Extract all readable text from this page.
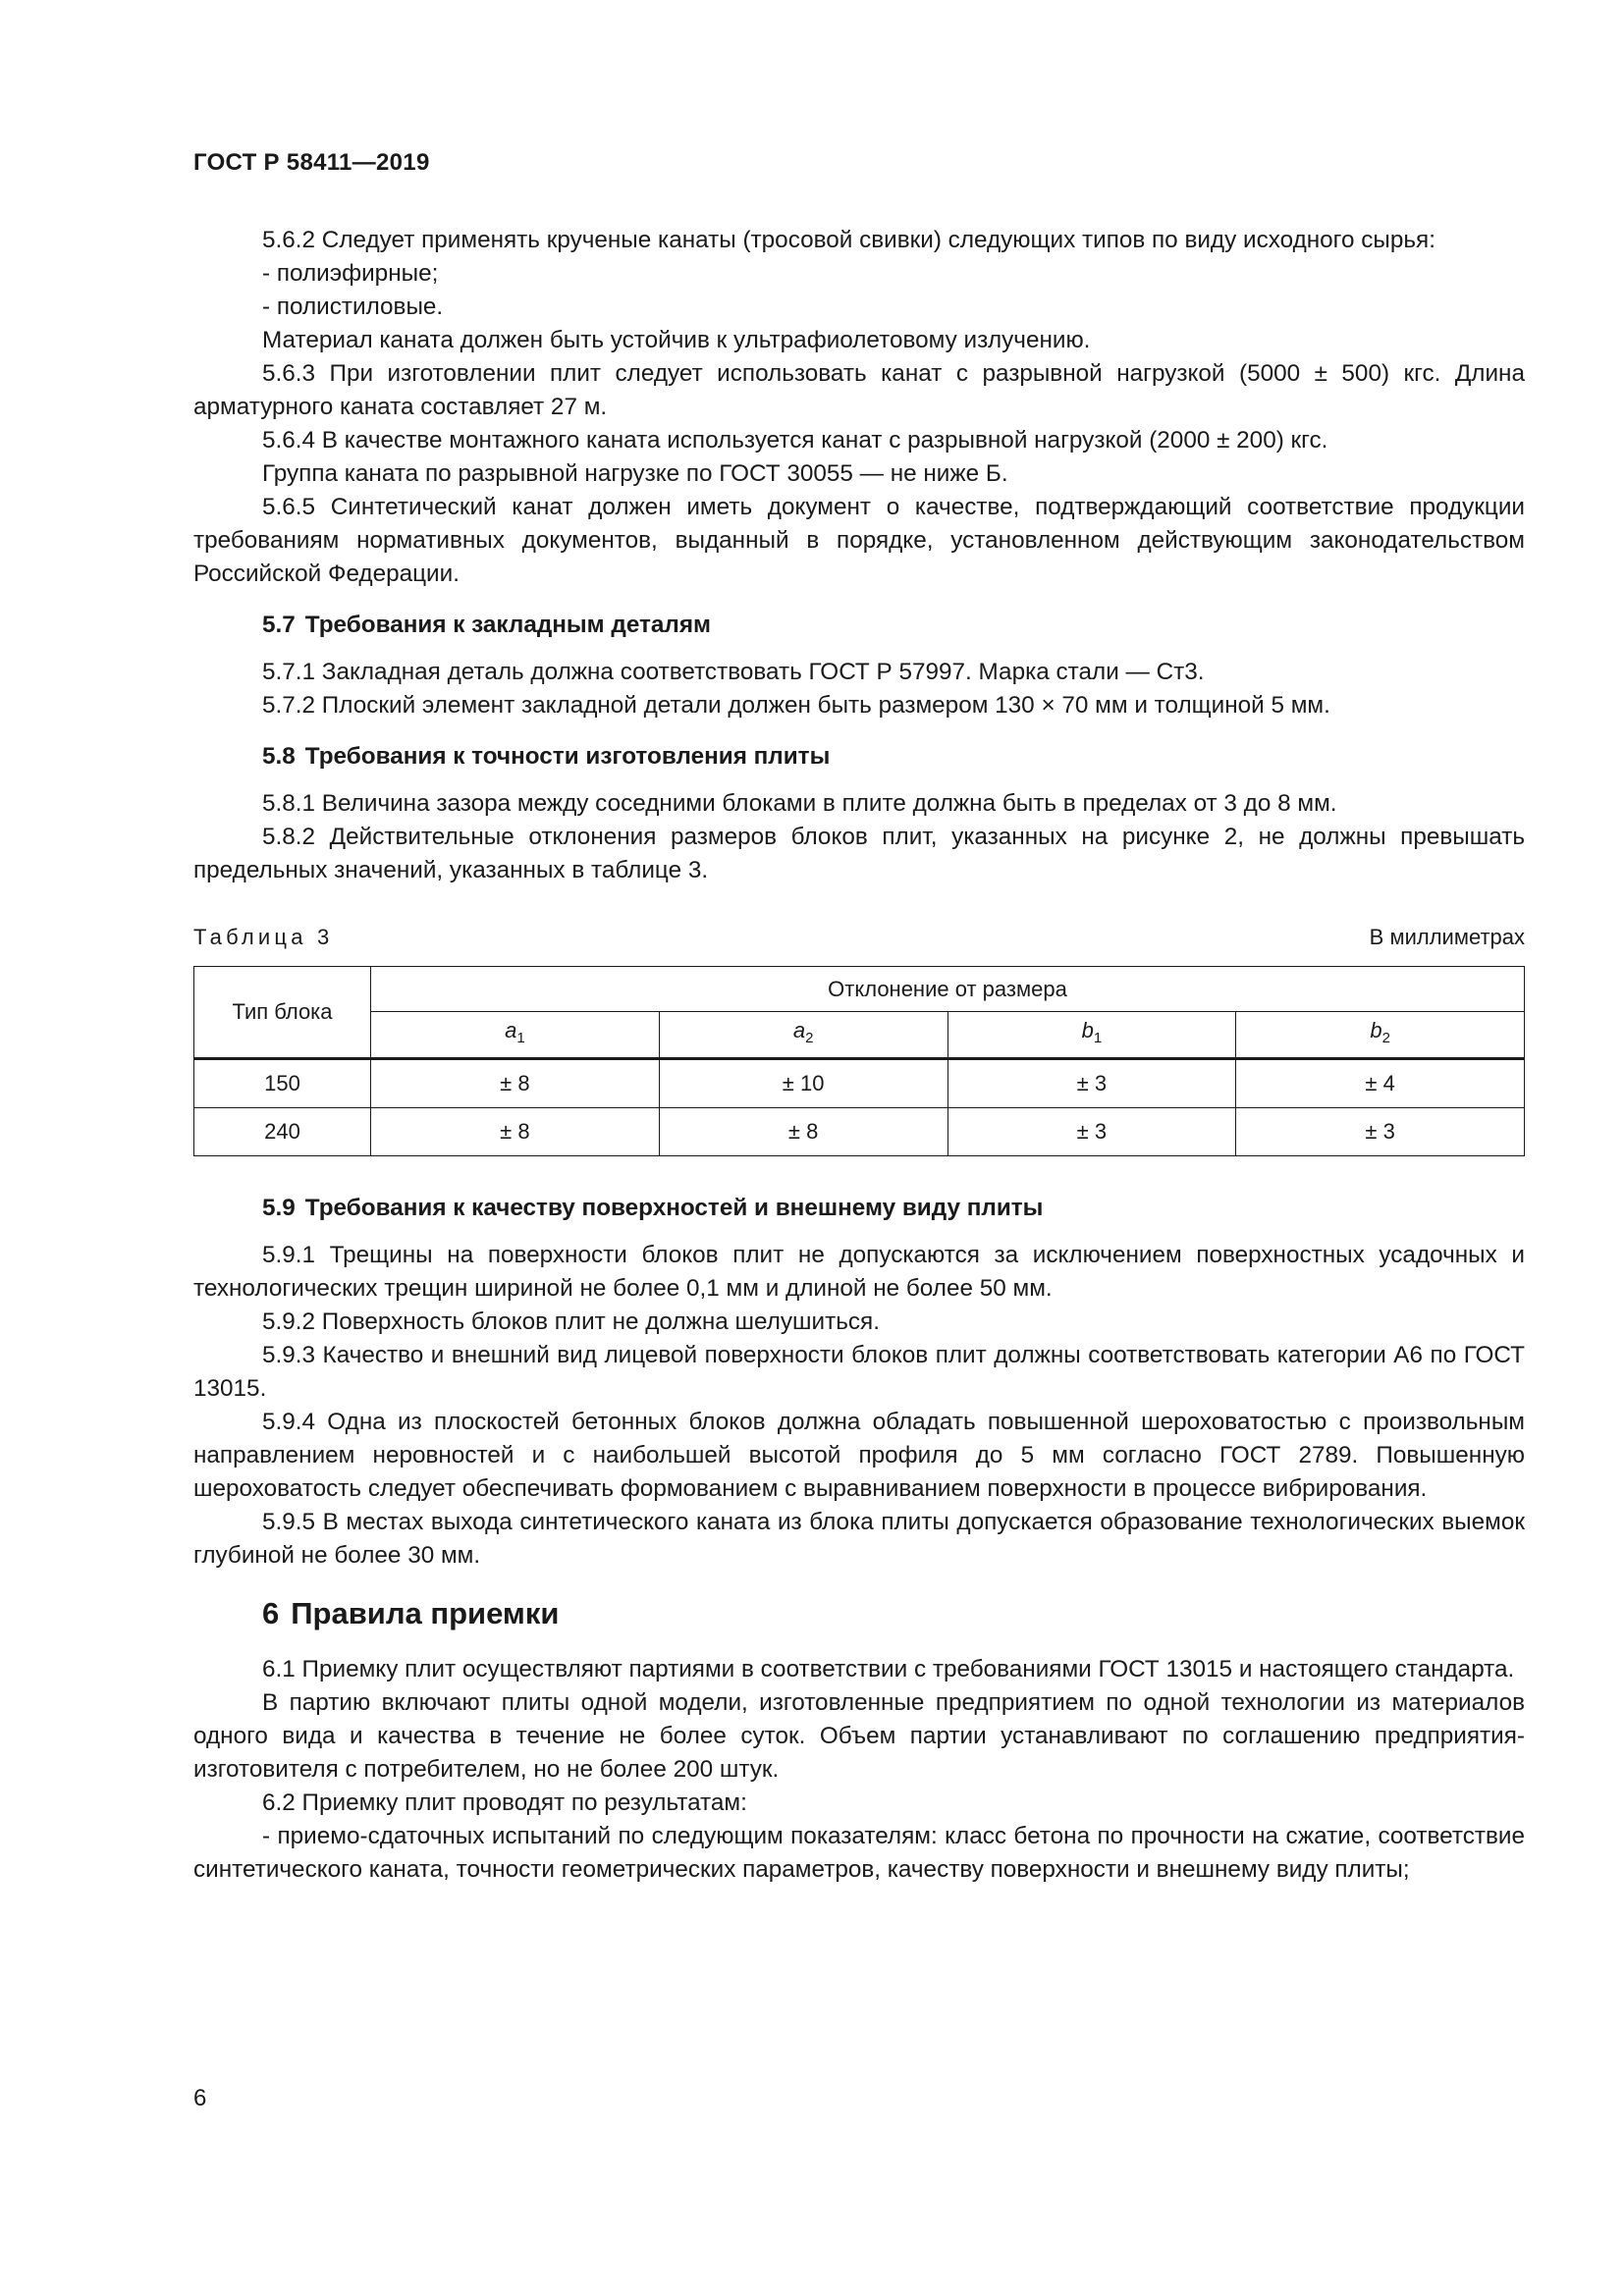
ГОСТ Р 58411—2019

5.6.2 Следует применять крученые канаты (тросовой свивки) следующих типов по виду исходного сырья:

- полиэфирные;

- полистиловые.

Материал каната должен быть устойчив к ультрафиолетовому излучению.

5.6.3 При изготовлении плит следует использовать канат с разрывной нагрузкой (5000 ± 500) кгс. Длина арматурного каната составляет 27 м.

5.6.4 В качестве монтажного каната используется канат с разрывной нагрузкой (2000 ± 200) кгс.

Группа каната по разрывной нагрузке по ГОСТ 30055 — не ниже Б.

5.6.5 Синтетический канат должен иметь документ о качестве, подтверждающий соответствие продукции требованиям нормативных документов, выданный в порядке, установленном действующим законодательством Российской Федерации.

5.7 Требования к закладным деталям

5.7.1 Закладная деталь должна соответствовать ГОСТ Р 57997. Марка стали — Ст3.

5.7.2 Плоский элемент закладной детали должен быть размером 130 × 70 мм и толщиной 5 мм.

5.8 Требования к точности изготовления плиты

5.8.1 Величина зазора между соседними блоками в плите должна быть в пределах от 3 до 8 мм.

5.8.2 Действительные отклонения размеров блоков плит, указанных на рисунке 2, не должны превышать предельных значений, указанных в таблице 3.

Таблица 3	В миллиметрах
Тип блока	Отклонение от размера			
	$a_1$	$a_2$	$b_1$	$b_2$
150	± 8	± 10	± 3	± 4
240	± 8	± 8	± 3	± 3
5.9 Требования к качеству поверхностей и внешнему виду плиты

5.9.1 Трещины на поверхности блоков плит не допускаются за исключением поверхностных усадочных и технологических трещин шириной не более 0,1 мм и длиной не более 50 мм.

5.9.2 Поверхность блоков плит не должна шелушиться.

5.9.3 Качество и внешний вид лицевой поверхности блоков плит должны соответствовать категории А6 по ГОСТ 13015.

5.9.4 Одна из плоскостей бетонных блоков должна обладать повышенной шероховатостью с произвольным направлением неровностей и с наибольшей высотой профиля до 5 мм согласно ГОСТ 2789. Повышенную шероховатость следует обеспечивать формованием с выравниванием поверхности в процессе вибрирования.

5.9.5 В местах выхода синтетического каната из блока плиты допускается образование технологических выемок глубиной не более 30 мм.

6 Правила приемки

6.1 Приемку плит осуществляют партиями в соответствии с требованиями ГОСТ 13015 и настоящего стандарта.

В партию включают плиты одной модели, изготовленные предприятием по одной технологии из материалов одного вида и качества в течение не более суток. Объем партии устанавливают по соглашению предприятия-изготовителя с потребителем, но не более 200 штук.

6.2 Приемку плит проводят по результатам:

- приемо-сдаточных испытаний по следующим показателям: класс бетона по прочности на сжатие, соответствие синтетического каната, точности геометрических параметров, качеству поверхности и внешнему виду плиты;

6
